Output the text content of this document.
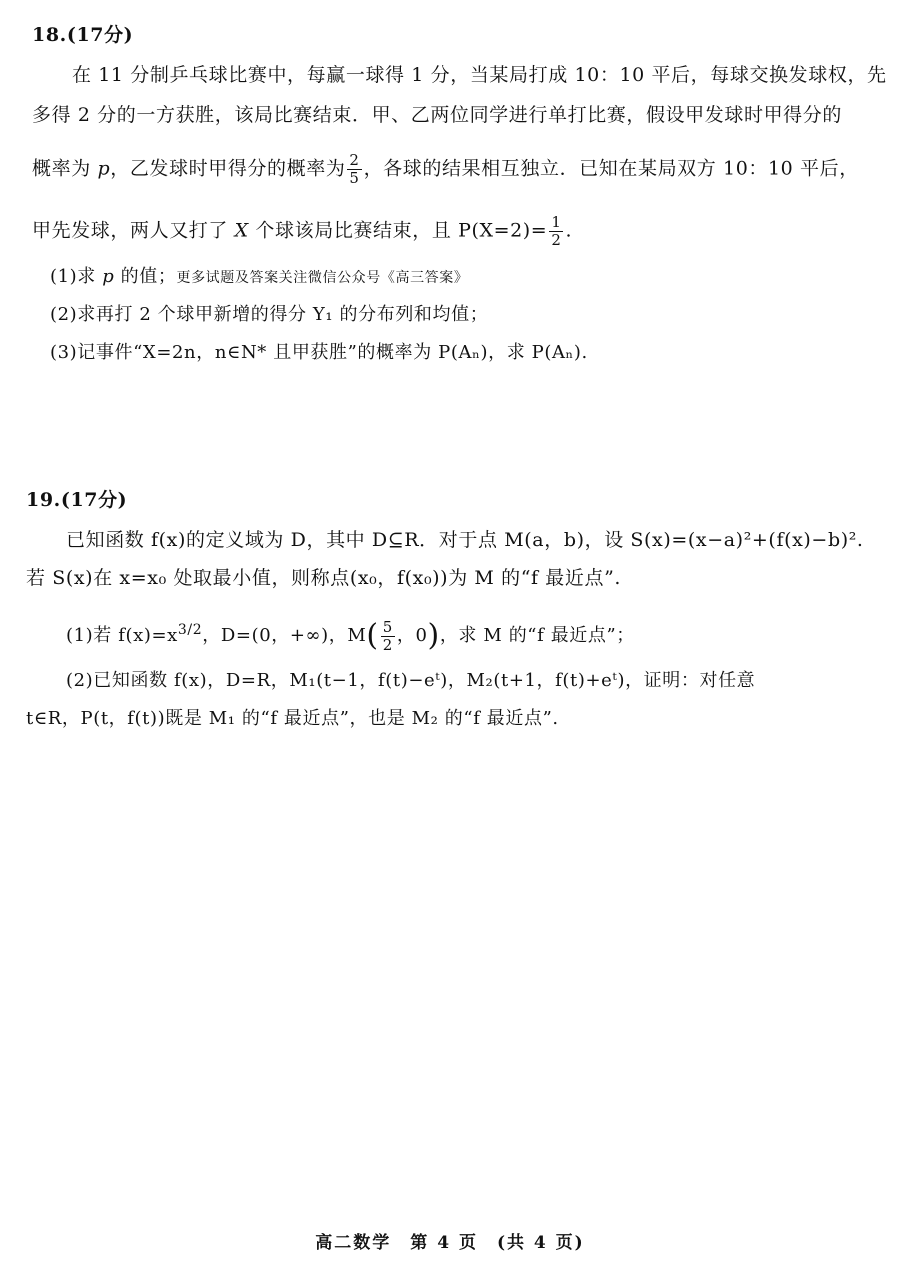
18.(17分)
在 11 分制乒乓球比赛中，每赢一球得 1 分，当某局打成 10：10 平后，每球交换发球权，先
多得 2 分的一方获胜，该局比赛结束．甲、乙两位同学进行单打比赛，假设甲发球时甲得分的
概率为 p，乙发球时甲得分的概率为 $\frac{2}{5}$ ，各球的结果相互独立．已知在某局双方 10：10 平后，
甲先发球，两人又打了 X 个球该局比赛结束，且 $P(X=2)= \frac{1}{2}$ .
(1)求 p 的值；更多试题及答案关注微信公众号《高三答案》
(2)求再打 2 个球甲新增的得分 Y₁ 的分布列和均值；
(3)记事件“X=2n，n∈N* 且甲获胜”的概率为 P(Aₙ)，求 P(Aₙ).
19.(17分)
已知函数 f(x)的定义域为 D，其中 D⊆R．对于点 M(a，b)，设 S(x)=(x−a)²+(f(x)−b)².
若 S(x)在 x=x₀ 处取最小值，则称点(x₀，f(x₀))为 M 的“f 最近点”.
(1)若 $f(x)=x^{3/2}$，D=(0，+∞)，$M( \frac{5}{2}$ ，0)，求 M 的“f 最近点”；
(2)已知函数 f(x)，D=R，M₁(t−1，f(t)−eᵗ)，M₂(t+1，f(t)+eᵗ)，证明：对任意
t∈R，P(t，f(t))既是 M₁ 的“f 最近点”，也是 M₂ 的“f 最近点”.
高二数学　第 4 页　(共 4 页)
